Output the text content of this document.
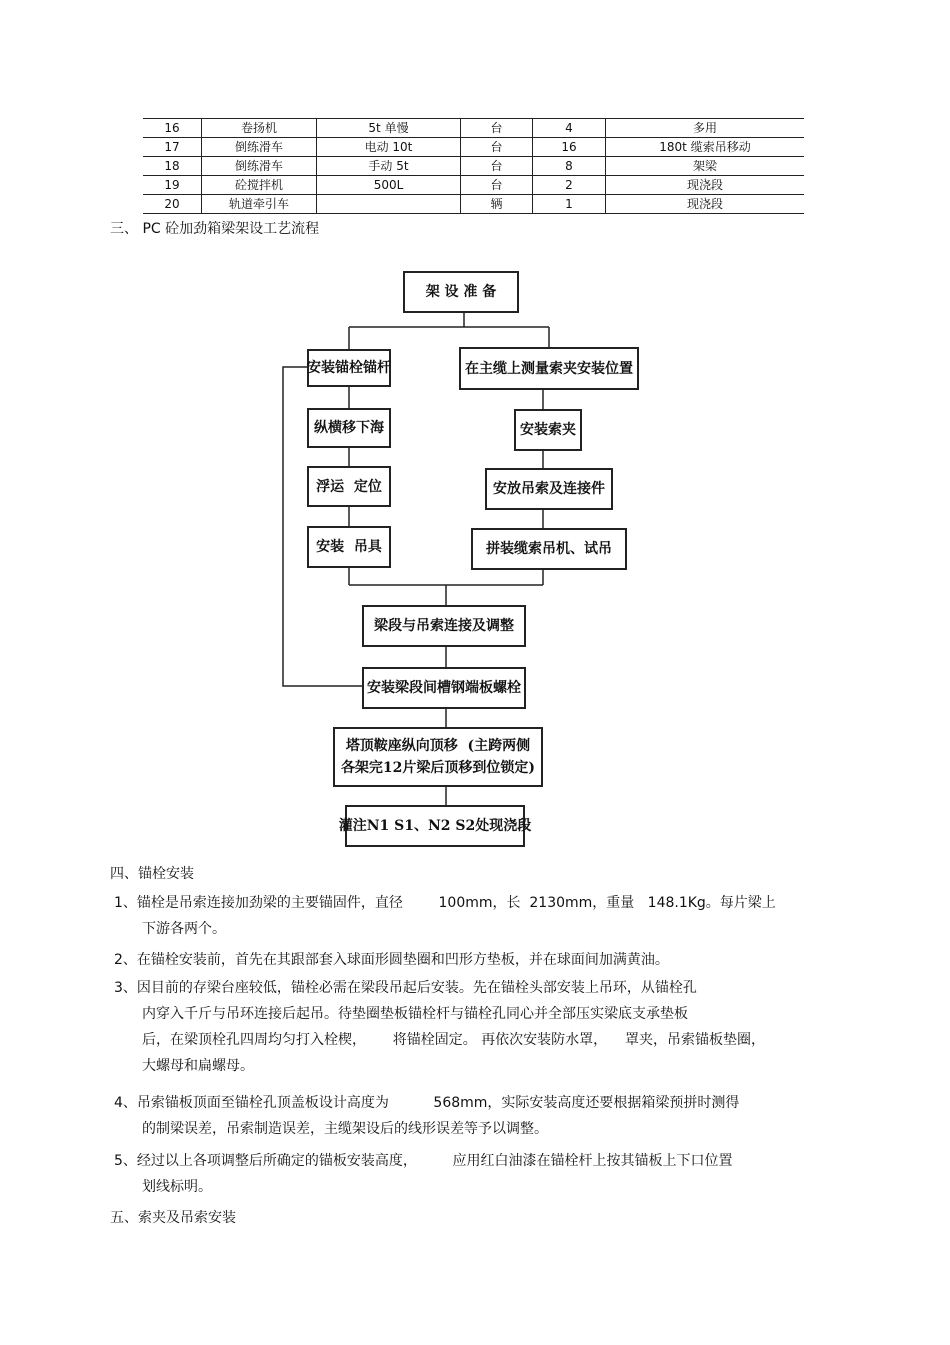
16	卷扬机	5t 单慢	台	4	多用
17	倒练滑车	电动 10t	台	16	180t 缆索吊移动
18	倒练滑车	手动 5t	台	8	架梁
19	砼搅拌机	500L	台	2	现浇段
20	轨道牵引车		辆	1	现浇段
三、 PC 砼加劲箱梁架设工艺流程
架 设 准 备
安装锚栓锚杆
纵横移下海
浮运  定位
安装  吊具
在主缆上测量索夹安装位置
安装索夹
安放吊索及连接件
拼装缆索吊机、试吊
梁段与吊索连接及调整
安装梁段间槽钢端板螺栓
塔顶鞍座纵向顶移  (主跨两侧
各架完12片梁后顶移到位锁定)
灌注N1 S1、N2 S2处现浇段
四、锚栓安装
1、锚栓是吊索连接加劲梁的主要锚固件，直径        100mm，长  2130mm，重量   148.1Kg。每片梁上
下游各两个。
2、在锚栓安装前，首先在其跟部套入球面形圆垫圈和凹形方垫板，并在球面间加满黄油。
3、因目前的存梁台座较低，锚栓必需在梁段吊起后安装。先在锚栓头部安装上吊环，从锚栓孔
内穿入千斤与吊环连接后起吊。待垫圈垫板锚栓杆与锚栓孔同心并全部压实梁底支承垫板
后，在梁顶栓孔四周均匀打入栓楔，      将锚栓固定。 再依次安装防水罩，    罩夹，吊索锚板垫圈，
大螺母和扁螺母。
4、吊索锚板顶面至锚栓孔顶盖板设计高度为          568mm，实际安装高度还要根据箱梁预拼时测得
的制梁误差，吊索制造误差，主缆架设后的线形误差等予以调整。
5、经过以上各项调整后所确定的锚板安装高度，        应用红白油漆在锚栓杆上按其锚板上下口位置
划线标明。
五、索夹及吊索安装
